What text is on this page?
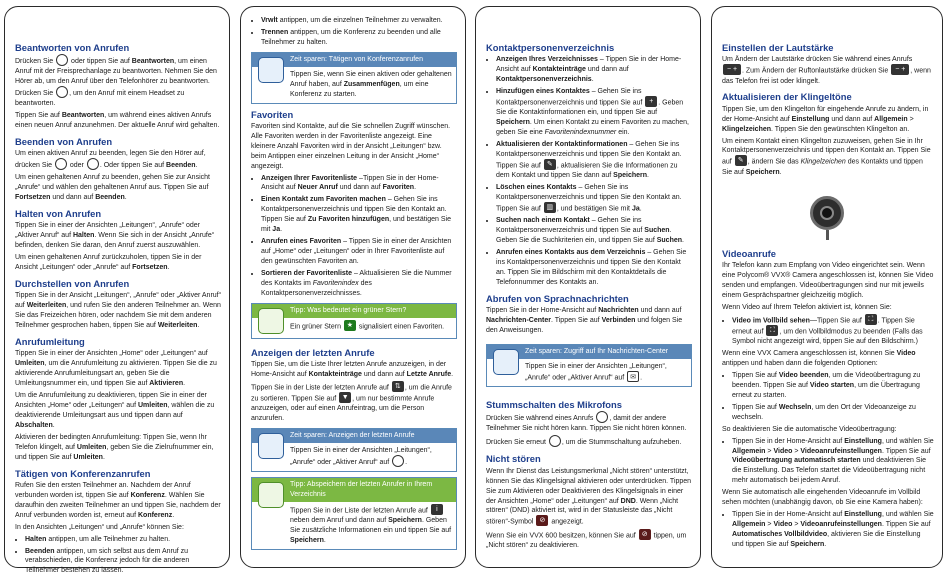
Beantworten von Anrufen

Drücken Sie	oder tippen Sie auf Beantworten, um einen Anruf mit der Freisprechanlage zu beantworten. Nehmen Sie den Hörer ab, um den Anruf über den Telefonhörer zu beantworten. Drücken Sie , um den Anruf mit einem Headset zu beantworten.

Tippen Sie auf Beantworten, um während eines aktiven Anrufs einen neuen Anruf anzunehmen. Der aktuelle Anruf wird gehalten.

Beenden von Anrufen

Um einen aktiven Anruf zu beenden, legen Sie den Hörer auf, drücken Sie	oder . Oder tippen Sie auf Beenden.

Um einen gehaltenen Anruf zu beenden, gehen Sie zur Ansicht „Anrufe“ und wählen den gehaltenen Anruf aus. Tippen Sie auf Fortsetzen und dann auf Beenden.

Halten von Anrufen

Tippen Sie in einer der Ansichten „Leitungen“, „Anrufe“ oder „Aktiver Anruf“ auf Halten. Wenn Sie sich in der Ansicht „Anrufe“ befinden, denken Sie daran, den Anruf zuerst auszuwählen.

Um einen gehaltenen Anruf zurückzuholen, tippen Sie in der Ansicht „Leitungen“ oder „Anrufe“ auf Fortsetzen.

Durchstellen von Anrufen

Tippen Sie in der Ansicht „Leitungen“, „Anrufe“ oder „Aktiver Anruf“ auf Weiterleiten, und rufen Sie den anderen Teilnehmer an. Wenn Sie das Freizeichen hören, oder nachdem Sie mit dem anderen Teilnehmer gesprochen haben, tippen Sie auf Weiterleiten.

Anrufumleitung

Tippen Sie in einer der Ansichten „Home“ oder „Leitungen“ auf Umleiten, um die Anrufumleitung zu aktivieren. Tippen Sie die zu aktivierende Anrufumleitungsart an, geben Sie die Umleitungsnummer ein, und tippen Sie auf Aktivieren.

Um die Anrufumleitung zu deaktivieren, tippen Sie in einer der Ansichten „Home“ oder „Leitungen“ auf Umleiten, wählen die zu deaktivierende Umleitungsart aus und tippen dann auf Abschalten.

Aktivieren der bedingten Anrufumleitung: Tippen Sie, wenn Ihr Telefon klingelt, auf Umleiten, geben Sie die Zielrufnummer ein, und tippen Sie auf Umleiten.

Tätigen von Konferenzanrufen

Rufen Sie den ersten Teilnehmer an. Nachdem der Anruf verbunden worden ist, tippen Sie auf Konferenz. Wählen Sie daraufhin den zweiten Teilnehmer an und tippen Sie, nachdem der Anruf verbunden worden ist, erneut auf Konferenz.

In den Ansichten „Leitungen“ und „Anrufe“ können Sie:

• Halten antippen, um alle Teilnehmer zu halten.
• Beenden antippen, um sich selbst aus dem Anruf zu verabschieden, die Konferenz jedoch für die anderen Teilnehmer bestehen zu lassen.
• Vrwlt antippen, um die einzelnen Teilnehmer zu verwalten.
• Trennen antippen, um die Konferenz zu beenden und alle Teilnehmer zu halten.
Zeit sparen: Tätigen von Konferenzanrufen
Tippen Sie, wenn Sie einen aktiven oder gehaltenen Anruf haben, auf Zusammenfügen, um eine Konferenz zu starten.
Favoriten

Favoriten sind Kontakte, auf die Sie schnellen Zugriff wünschen. Alle Favoriten werden in der Favoritenliste angezeigt. Eine kleinere Anzahl Favoriten wird in der Ansicht „Leitungen“ bzw. beim Antippen einer einzelnen Leitung in der Ansicht „Home“ angezeigt.

• Anzeigen Ihrer Favoritenliste –Tippen Sie in der Home-Ansicht auf Neuer Anruf und dann auf Favoriten.
• Einen Kontakt zum Favoriten machen – Gehen Sie ins Kontaktpersonenverzeichnis und tippen Sie den Kontakt an. Tippen Sie auf Zu Favoriten hinzufügen, und bestätigen Sie mit Ja.
• Anrufen eines Favoriten – Tippen Sie in einer der Ansichten auf „Home“ oder „Leitungen“ oder in Ihrer Favoritenliste auf den gewünschten Favoriten an.
• Sortieren der Favoritenliste – Aktualisieren Sie die Nummer des Kontakts im Favoritenindex des Kontaktpersonenverzeichnisses.
Tipp: Was bedeutet ein grüner Stern?
Ein grüner Stern ★ signalisiert einen Favoriten.
Anzeigen der letzten Anrufe

Tippen Sie, um die Liste Ihrer letzten Anrufe anzuzeigen, in der Home-Ansicht auf Kontakteinträge und dann auf Letzte Anrufe.

Tippen Sie in der Liste der letzten Anrufe auf ⇅ , um die Anrufe zu sortieren. Tippen Sie auf ▼ , um nur bestimmte Anrufe anzuzeigen, oder auf einen Anrufeintrag, um die Person anzurufen.

Zeit sparen: Anzeigen der letzten Anrufe
Tippen Sie in einer der Ansichten „Leitungen“, „Anrufe“ oder „Aktiver Anruf“ auf .
Tipp: Abspeichern der letzten Anrufer in Ihrem Verzeichnis
Tippen Sie in der Liste der letzten Anrufe auf i neben dem Anruf und dann auf Speichern. Geben Sie zusätzliche Informationen ein und tippen Sie auf Speichern.
Kontaktpersonenverzeichnis
• Anzeigen Ihres Verzeichnisses – Tippen Sie in der Home-Ansicht auf Kontakteinträge und dann auf Kontaktpersonenverzeichnis.
• Hinzufügen eines Kontaktes – Gehen Sie ins Kontaktpersonenverzeichnis und tippen Sie auf + . Geben Sie die Kontaktinformationen ein, und tippen Sie auf Speichern. Um einen Kontakt zu einem Favoriten zu machen, geben Sie eine Favoritenindexnummer ein.
• Aktualisieren der Kontaktinformationen – Gehen Sie ins Kontaktpersonenverzeichnis und tippen Sie den Kontakt an. Tippen Sie auf ✎ , aktualisieren Sie die Informationen zu dem Kontakt und tippen Sie dann auf Speichern.
• Löschen eines Kontakts – Gehen Sie ins Kontaktpersonenverzeichnis und tippen Sie den Kontakt an. Tippen Sie auf ▥ , und bestätigen Sie mit Ja.
• Suchen nach einem Kontakt – Gehen Sie ins Kontaktpersonenverzeichnis und tippen Sie auf Suchen. Geben Sie die Suchkriterien ein, und tippen Sie auf Suchen.
• Anrufen eines Kontakts aus dem Verzeichnis – Gehen Sie ins Kontaktpersonenverzeichnis und tippen Sie den Kontakt an. Tippen Sie im Bildschirm mit den Kontaktdetails die Telefonnummer des Kontakts an.
Abrufen von Sprachnachrichten

Tippen Sie in der Home-Ansicht auf Nachrichten und dann auf Nachrichten-Center. Tippen Sie auf Verbinden und folgen Sie den Anweisungen.

Zeit sparen: Zugriff auf Ihr Nachrichten-Center
Tippen Sie in einer der Ansichten „Leitungen“, „Anrufe“ oder „Aktiver Anruf“ auf ✉ .
Stummschalten des Mikrofons

Drücken Sie während eines Anrufs , damit der andere Teilnehmer Sie nicht hören kann. Tippen Sie nicht hören können.

Drücken Sie erneut , um die Stummschaltung aufzuheben.

Nicht stören

Wenn Ihr Dienst das Leistungsmerkmal „Nicht stören“ unterstützt, können Sie das Klingelsignal aktivieren oder unterdrücken. Tippen Sie zum Aktivieren oder Deaktivieren des Klingelsignals in einer der Ansichten „Home“ oder „Leitungen“ auf DND. Wenn „Nicht stören“ (DND) aktiviert ist, wird in der Statusleiste das „Nicht stören“-Symbol ⊘ angezeigt.

Wenn Sie ein VVX 600 besitzen, können Sie auf ⊘ tippen, um „Nicht stören“ zu deaktivieren.

Einstellen der Lautstärke

Um Ändern der Lautstärke drücken Sie während eines Anrufs − + . Zum Ändern der Ruftonlautstärke drücken Sie − + , wenn das Telefon frei ist oder klingelt.

Aktualisieren der Klingeltöne

Tippen Sie, um den Klingelton für eingehende Anrufe zu ändern, in der Home-Ansicht auf Einstellung und dann auf Allgemein > Klingelzeichen. Tippen Sie den gewünschten Klingelton an.

Um einem Kontakt einen Klingelton zuzuweisen, gehen Sie in Ihr Kontaktpersonenverzeichnis und tippen den Kontakt an. Tippen Sie auf ✎ , ändern Sie das Klingelzeichen des Kontakts und tippen Sie auf Speichern.

Videoanrufe

Ihr Telefon kann zum Empfang von Video eingerichtet sein. Wenn eine Polycom® VVX® Camera angeschlossen ist, können Sie Video senden und empfangen. Videoübertragungen sind nur mit jeweils einem Gesprächspartner gleichzeitig möglich.

Wenn Video auf Ihrem Telefon aktiviert ist, können Sie:

• Video im Vollbild sehen—Tippen Sie auf ⛶ . Tippen Sie erneut auf ⛶ , um den Vollbildmodus zu beenden (Falls das Symbol nicht angezeigt wird, tippen Sie auf den Bildschirm.)

Wenn eine VVX Camera angeschlossen ist, können Sie Video antippen und haben dann die folgenden Optionen:

• Tippen Sie auf Video beenden, um die Videoübertragung zu beenden. Tippen Sie auf Video starten, um die Übertragung erneut zu starten.
• Tippen Sie auf Wechseln, um den Ort der Videoanzeige zu wechseln.

So deaktivieren Sie die automatische Videoübertragung:

• Tippen Sie in der Home-Ansicht auf Einstellung, und wählen Sie Allgemein > Video > Videoanrufeinstellungen. Tippen Sie auf Videoübertragung automatisch starten und deaktivieren Sie die Einstellung. Das Telefon startet die Videoübertragung nicht mehr automatisch bei jedem Anruf.

Wenn Sie automatisch alle eingehenden Videoanrufe im Vollbild sehen möchten (unabhängig davon, ob Sie eine Kamera haben):

• Tippen Sie in der Home-Ansicht auf Einstellung, und wählen Sie Allgemein > Video > Videoanrufeinstellungen. Tippen Sie auf Automatisches Vollbildvideo, aktivieren Sie die Einstellung und tippen Sie auf Speichern.
